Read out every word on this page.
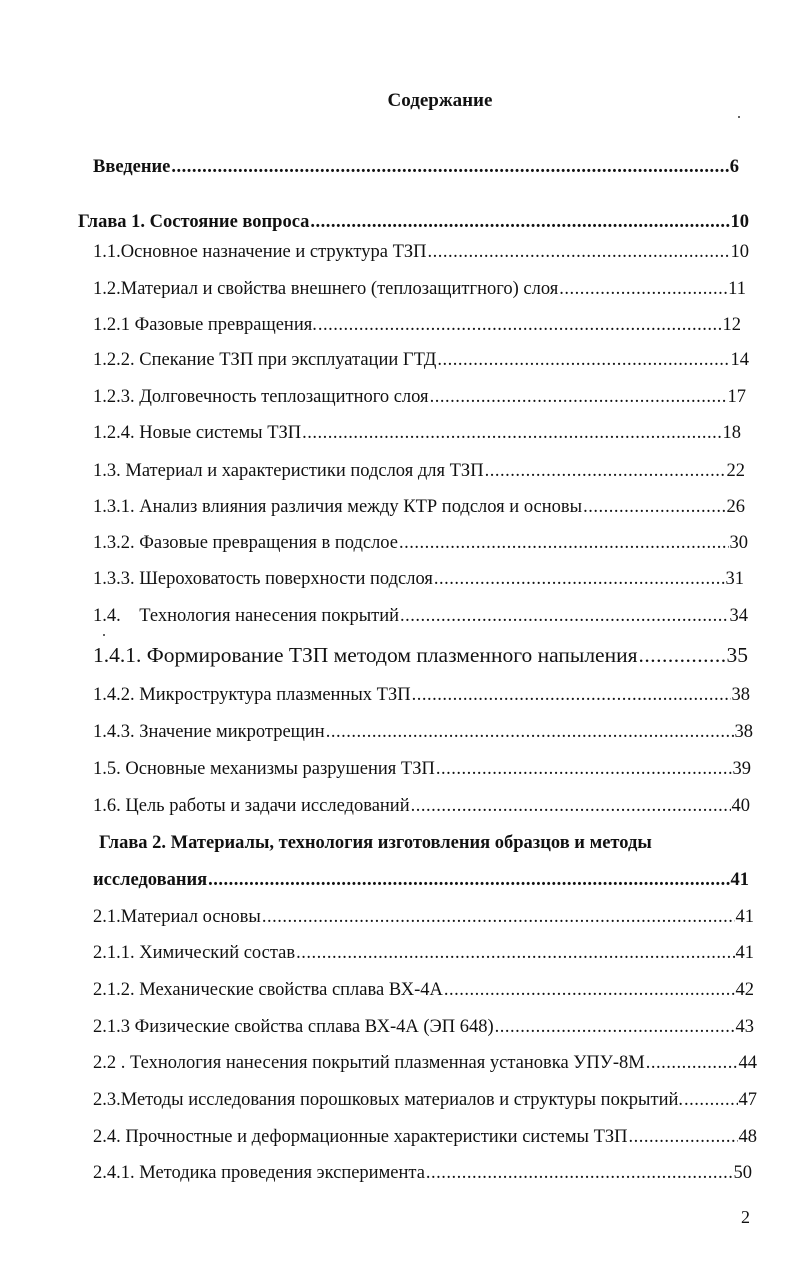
Содержание
Введение .....	6
Глава 1. Состояние вопроса .....	10
1.1.Основное назначение и структура ТЗП .....	10
1.2.Материал и свойства внешнего (теплозащитгного) слоя .....	11
1.2.1 Фазовые превращения. .....	12
1.2.2. Спекание ТЗП при эксплуатации ГТД .....	14
1.2.3. Долговечность теплозащитного слоя .....	17
1.2.4. Новые системы ТЗП .....	18
1.3. Материал и характеристики подслоя для ТЗП .....	22
1.3.1. Анализ влияния различия между КТР подслоя и основы .....	26
1.3.2. Фазовые превращения в подслое .....	30
1.3.3. Шероховатость поверхности подслоя .....	31
1.4.    Технология нанесения покрытий .....	34
1.4.1. Формирование ТЗП методом плазменного напыления .....	35
1.4.2. Микроструктура плазменных ТЗП .....	38
1.4.3. Значение микротрещин .....	38
1.5. Основные механизмы разрушения ТЗП .....	39
1.6. Цель работы и задачи исследований .....	40
Глава 2. Материалы, технология изготовления образцов и методы
исследования .....	41
2.1.Материал основы .....	41
2.1.1. Химический состав .....	41
2.1.2. Механические свойства сплава ВХ-4А .....	42
2.1.3 Физические свойства сплава ВХ-4А (ЭП 648) .....	43
2.2 . Технология нанесения покрытий плазменная установка УПУ-8М .....	44
2.3.Методы исследования порошковых материалов и структуры покрытий. .....	47
2.4. Прочностные и деформационные характеристики системы ТЗП .....	48
2.4.1. Методика проведения эксперимента .....	50
2
